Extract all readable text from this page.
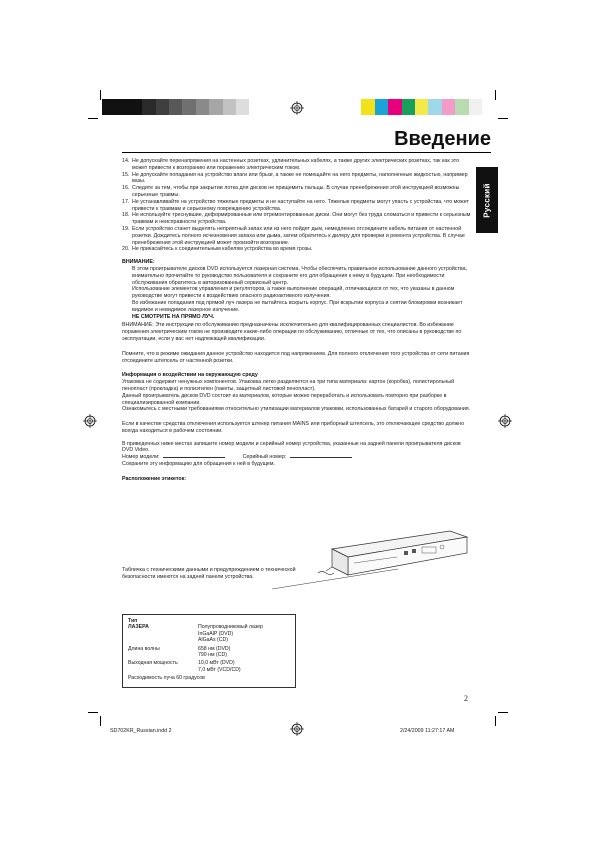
Введение
Русский
14. Не допускайте перенапряжения на настенных розетках, удлинительных кабелях, а также других электрических розетках, так как это может привести к возгоранию или поражению электрическим током.
15. Не допускайте попадания на устройство влаги или брызг, а также не помещайте на него предметы, наполненные жидкостью, например вазы.
16. Следите за тем, чтобы при закрытии лотка для дисков не прищемить пальцы. В случае пренебрежения этой инструкцией возможны серьезные травмы.
17. Не устанавливайте на устройство тяжелые предметы и не наступайте на него. Тяжелые предметы могут упасть с устройства, что может привести к травмам и серьезному повреждению устройства.
18. Не используйте треснувшие, деформированные или отремонтированные диски. Они могут без труда сломаться и привести к серьезным травмам и неисправности устройства.
19. Если устройство станет выделять неприятный запах или из него пойдет дым, немедленно отсоедините кабель питания от настенной розетки. Дождитесь полного исчезновения запаха или дыма, затем обратитесь к дилеру для проверки и ремонта устройства. В случае пренебрежения этой инструкцией может произойти возгорание.
20. Не прикасайтесь к соединительным кабелям устройства во время грозы.
ВНИМАНИЕ:

В этом проигрывателе дисков DVD используется лазерная система. Чтобы обеспечить правильное использование данного устройства, внимательно прочитайте то руководство пользователя и сохраните его для обращения к нему в будущем. При необходимости обслуживания обратитесь в авторизованный сервисный центр.

Использование элементов управления и регуляторов, а также выполнение операций, отличающихся от тех, что указаны в данном руководстве могут привести к воздействию опасного радиоактивного излучения.

Во избежание попадания под прямой луч лазера не пытайтесь вскрыть корпус. При вскрытии корпуса и снятии блокировки возникает видимое и невидимое лазерное излучение.

НЕ СМОТРИТЕ НА ПРЯМО ЛУЧ.

ВНИМАНИЕ: Эти инструкции по обслуживанию предназначены исключительно для квалифицированных специалистов. Во избежание поражения электрическим током не производите какие-либо операции по обслуживанию, отличные от тех, что описаны в руководстве по эксплуатации, если у вас нет надлежащей квалификации.

Помните, что в режиме ожидания данное устройство находится под напряжением. Для полного отключения того устройства от сети питания отсоедините штепсель от настенной розетки.

Информация о воздействии на окружающую среду

Упаковка не содержит ненужных компонентов. Упаковка легко разделяется на три типа материала: картон (коробка), полистирольный пенопласт (прокладка) и полиэтилен (пакеты, защитный листовой пенопласт).

Данный проигрыватель дисков DVD состоит из материалов, которые можно переработать и использовать повторно при разборке в специализированной компании.

Ознакомьтесь с местными требованиями относительно утилизации материалов упаковки, использованных батарей и старого оборудования.

Если в качестве средства отключения используется штекер питания MAINS или приборный штепсель, это отключающее средство должно всегда находиться в рабочем состоянии.

В приведенных ниже местах запишите номер модели и серийный номер устройства, указанные на задней панели проигрывателя дисков DVD Video.

Номер модели:	Серийный номер:

Сохраните эту информацию для обращения к ней в будущем.

Расположение этикеток:
Табличка с техническими данными и предупреждением о технической безопасности имеются на задней панели устройства.
Тип
ЛАЗЕРА	Полупроводниковый лазер
InGaAlP (DVD)
AlGaAs (CD)
Длина волны	658 нм (DVD)
790 нм (CD)
Выходная мощность	10,0 мВт (DVD)
7,0 мВт (VCD/CD)
Расходимость луча 60 градусов
2
SD702KR_Russian.indd 2	2/24/2009 11:27:17 AM
